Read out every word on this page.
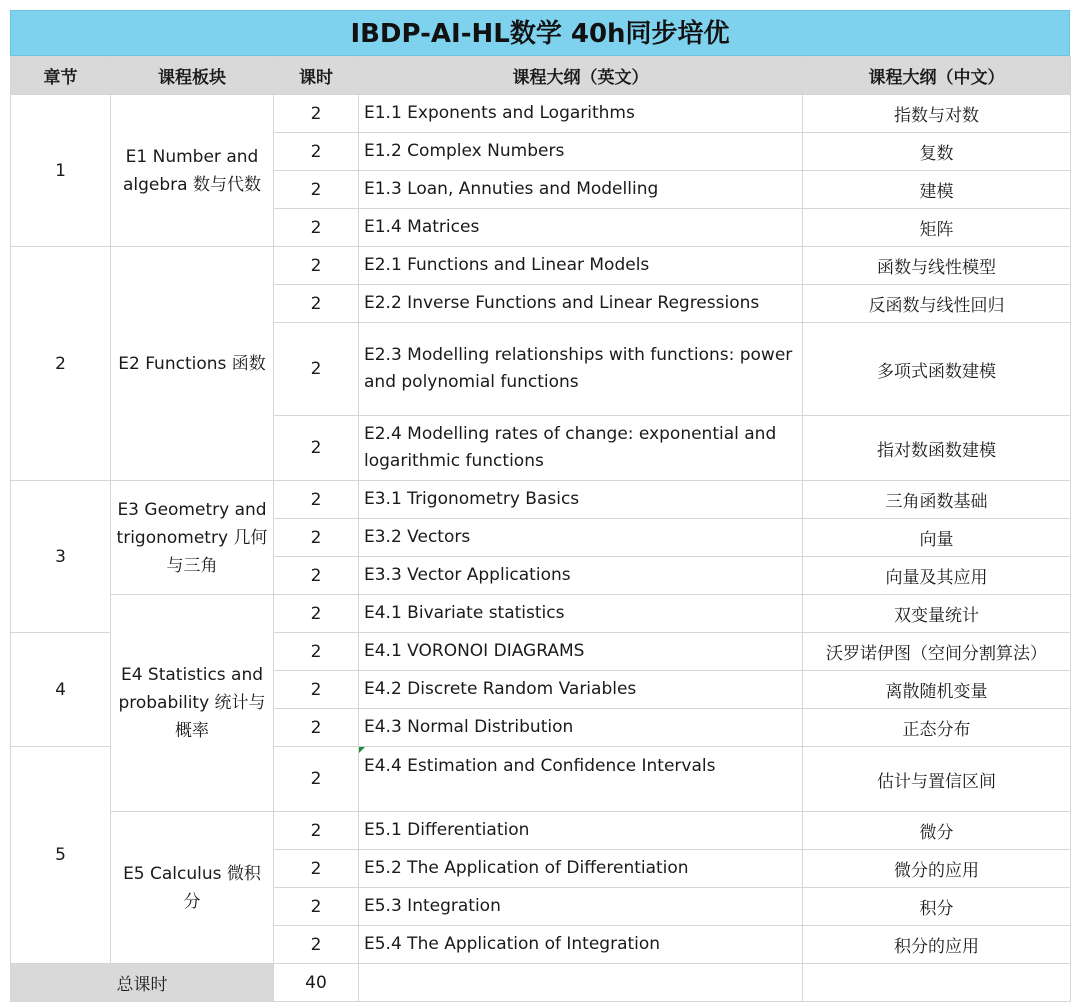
IBDP-AI-HL数学 40h同步培优
章节	课程板块	课时	课程大纲（英文）	课程大纲（中文）
1	E1 Number and algebra 数与代数	2	E1.1 Exponents and Logarithms	指数与对数
		2	E1.2 Complex Numbers	复数
		2	E1.3 Loan, Annuties and Modelling	建模
		2	E1.4 Matrices	矩阵
2	E2 Functions 函数	2	E2.1 Functions and Linear Models	函数与线性模型
		2	E2.2 Inverse Functions and Linear Regressions	反函数与线性回归
		2	E2.3 Modelling relationships with functions: power and polynomial functions	多项式函数建模
		2	E2.4 Modelling rates of change: exponential and logarithmic functions	指对数函数建模
3	E3 Geometry and trigonometry 几何与三角	2	E3.1 Trigonometry Basics	三角函数基础
		2	E3.2 Vectors	向量
		2	E3.3 Vector Applications	向量及其应用
	E4 Statistics and probability 统计与概率	2	E4.1 Bivariate statistics	双变量统计
4		2	E4.1 VORONOI DIAGRAMS	沃罗诺伊图（空间分割算法）
		2	E4.2 Discrete Random Variables	离散随机变量
		2	E4.3 Normal Distribution	正态分布
5		2	E4.4 Estimation and Confidence Intervals	估计与置信区间
	E5 Calculus 微积分	2	E5.1 Differentiation	微分
		2	E5.2 The Application of Differentiation	微分的应用
		2	E5.3 Integration	积分
		2	E5.4 The Application of Integration	积分的应用
总课时		40		
